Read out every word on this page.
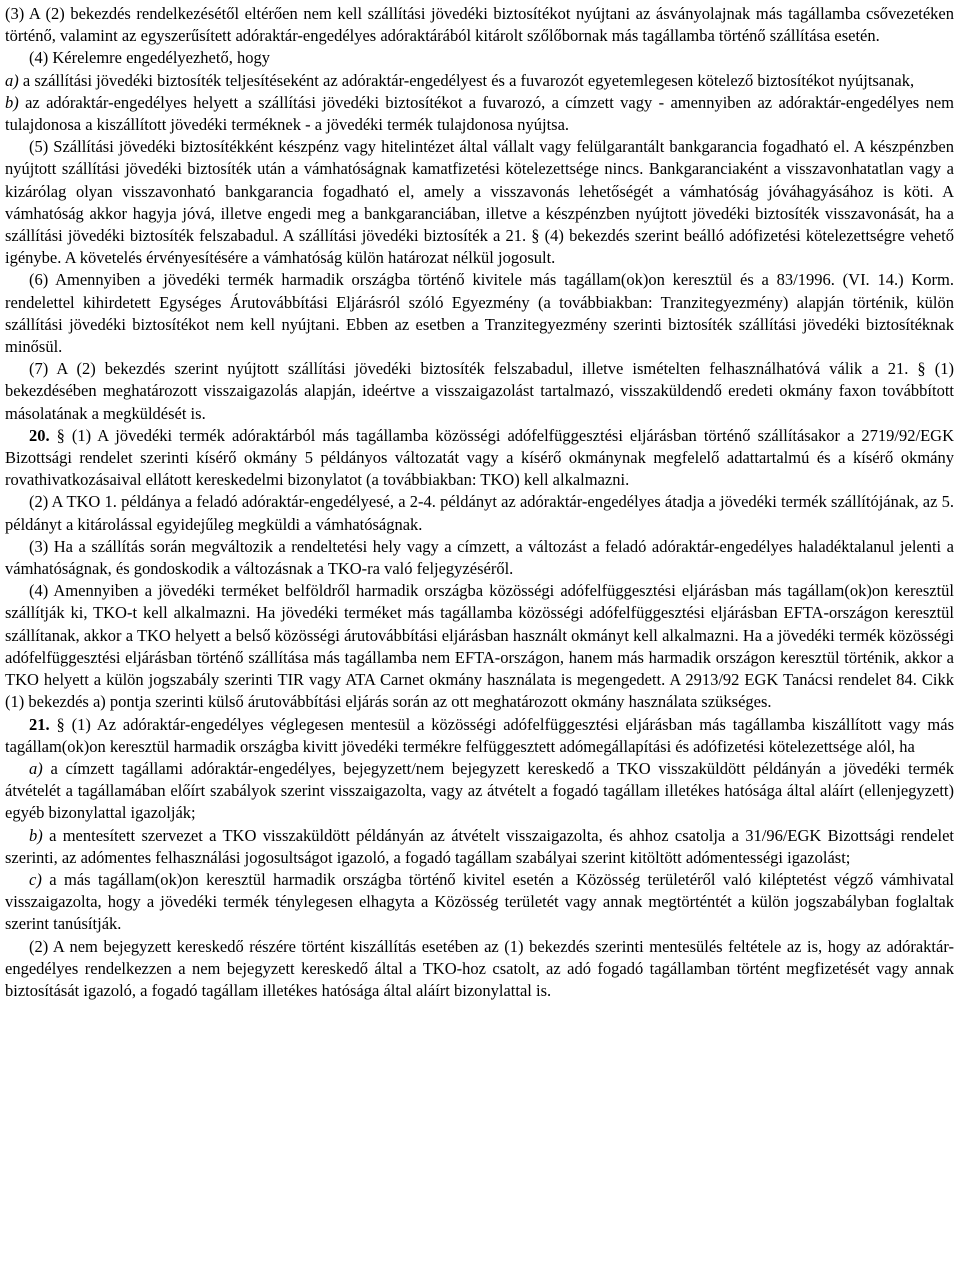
(3) A (2) bekezdés rendelkezésétől eltérően nem kell szállítási jövedéki biztosítékot nyújtani az ásványolajnak más tagállamba csővezetéken történő, valamint az egyszerűsített adóraktár-engedélyes adóraktárából kitárolt szőlőbornak más tagállamba történő szállítása esetén.

(4) Kérelemre engedélyezhető, hogy

a) a szállítási jövedéki biztosíték teljesítéseként az adóraktár-engedélyest és a fuvarozót egyetemlegesen kötelező biztosítékot nyújtsanak,

b) az adóraktár-engedélyes helyett a szállítási jövedéki biztosítékot a fuvarozó, a címzett vagy - amennyiben az adóraktár-engedélyes nem tulajdonosa a kiszállított jövedéki terméknek - a jövedéki termék tulajdonosa nyújtsa.

(5) Szállítási jövedéki biztosítékként készpénz vagy hitelintézet által vállalt vagy felülgarantált bankgarancia fogadható el. A készpénzben nyújtott szállítási jövedéki biztosíték után a vámhatóságnak kamatfizetési kötelezettsége nincs. Bankgaranciaként a visszavonhatatlan vagy a kizárólag olyan visszavonható bankgarancia fogadható el, amely a visszavonás lehetőségét a vámhatóság jóváhagyásához is köti. A vámhatóság akkor hagyja jóvá, illetve engedi meg a bankgaranciában, illetve a készpénzben nyújtott jövedéki biztosíték visszavonását, ha a szállítási jövedéki biztosíték felszabadul. A szállítási jövedéki biztosíték a 21. § (4) bekezdés szerint beálló adófizetési kötelezettségre vehető igénybe. A követelés érvényesítésére a vámhatóság külön határozat nélkül jogosult.

(6) Amennyiben a jövedéki termék harmadik országba történő kivitele más tagállam(ok)on keresztül és a 83/1996. (VI. 14.) Korm. rendelettel kihirdetett Egységes Árutovábbítási Eljárásról szóló Egyezmény (a továbbiakban: Tranzitegyezmény) alapján történik, külön szállítási jövedéki biztosítékot nem kell nyújtani. Ebben az esetben a Tranzitegyezmény szerinti biztosíték szállítási jövedéki biztosítéknak minősül.

(7) A (2) bekezdés szerint nyújtott szállítási jövedéki biztosíték felszabadul, illetve ismételten felhasználhatóvá válik a 21. § (1) bekezdésében meghatározott visszaigazolás alapján, ideértve a visszaigazolást tartalmazó, visszaküldendő eredeti okmány faxon továbbított másolatának a megküldését is.

20. § (1) A jövedéki termék adóraktárból más tagállamba közösségi adófelfüggesztési eljárásban történő szállításakor a 2719/92/EGK Bizottsági rendelet szerinti kísérő okmány 5 példányos változatát vagy a kísérő okmánynak megfelelő adattartalmú és a kísérő okmány rovathivatkozásaival ellátott kereskedelmi bizonylatot (a továbbiakban: TKO) kell alkalmazni.

(2) A TKO 1. példánya a feladó adóraktár-engedélyesé, a 2-4. példányt az adóraktár-engedélyes átadja a jövedéki termék szállítójának, az 5. példányt a kitárolással egyidejűleg megküldi a vámhatóságnak.

(3) Ha a szállítás során megváltozik a rendeltetési hely vagy a címzett, a változást a feladó adóraktár-engedélyes haladéktalanul jelenti a vámhatóságnak, és gondoskodik a változásnak a TKO-ra való feljegyzéséről.

(4) Amennyiben a jövedéki terméket belföldről harmadik országba közösségi adófelfüggesztési eljárásban más tagállam(ok)on keresztül szállítják ki, TKO-t kell alkalmazni. Ha jövedéki terméket más tagállamba közösségi adófelfüggesztési eljárásban EFTA-országon keresztül szállítanak, akkor a TKO helyett a belső közösségi árutovábbítási eljárásban használt okmányt kell alkalmazni. Ha a jövedéki termék közösségi adófelfüggesztési eljárásban történő szállítása más tagállamba nem EFTA-országon, hanem más harmadik országon keresztül történik, akkor a TKO helyett a külön jogszabály szerinti TIR vagy ATA Carnet okmány használata is megengedett. A 2913/92 EGK Tanácsi rendelet 84. Cikk (1) bekezdés a) pontja szerinti külső árutovábbítási eljárás során az ott meghatározott okmány használata szükséges.

21. § (1) Az adóraktár-engedélyes véglegesen mentesül a közösségi adófelfüggesztési eljárásban más tagállamba kiszállított vagy más tagállam(ok)on keresztül harmadik országba kivitt jövedéki termékre felfüggesztett adómegállapítási és adófizetési kötelezettsége alól, ha

a) a címzett tagállami adóraktár-engedélyes, bejegyzett/nem bejegyzett kereskedő a TKO visszaküldött példányán a jövedéki termék átvételét a tagállamában előírt szabályok szerint visszaigazolta, vagy az átvételt a fogadó tagállam illetékes hatósága által aláírt (ellenjegyzett) egyéb bizonylattal igazolják;

b) a mentesített szervezet a TKO visszaküldött példányán az átvételt visszaigazolta, és ahhoz csatolja a 31/96/EGK Bizottsági rendelet szerinti, az adómentes felhasználási jogosultságot igazoló, a fogadó tagállam szabályai szerint kitöltött adómentességi igazolást;

c) a más tagállam(ok)on keresztül harmadik országba történő kivitel esetén a Közösség területéről való kiléptetést végző vámhivatal visszaigazolta, hogy a jövedéki termék ténylegesen elhagyta a Közösség területét vagy annak megtörténtét a külön jogszabályban foglaltak szerint tanúsítják.

(2) A nem bejegyzett kereskedő részére történt kiszállítás esetében az (1) bekezdés szerinti mentesülés feltétele az is, hogy az adóraktár-engedélyes rendelkezzen a nem bejegyzett kereskedő által a TKO-hoz csatolt, az adó fogadó tagállamban történt megfizetését vagy annak biztosítását igazoló, a fogadó tagállam illetékes hatósága által aláírt bizonylattal is.
